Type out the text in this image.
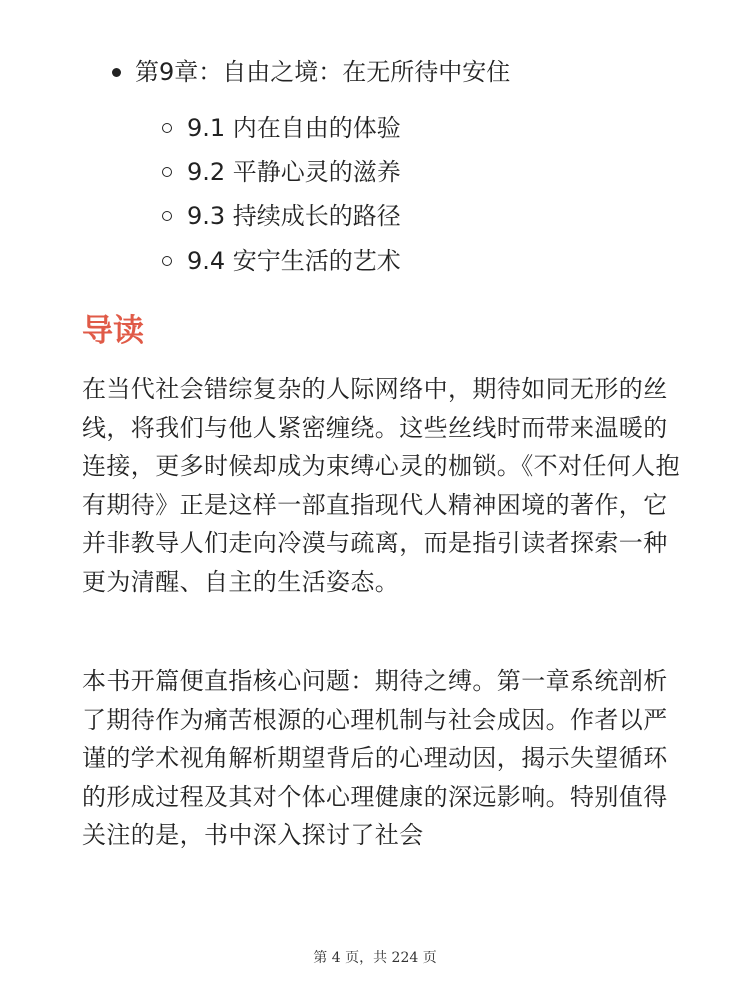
第9章：自由之境：在无所待中安住
9.1 内在自由的体验
9.2 平静心灵的滋养
9.3 持续成长的路径
9.4 安宁生活的艺术
导读

在当代社会错综复杂的人际网络中，期待如同无形的丝线，将我们与他人紧密缠绕。这些丝线时而带来温暖的连接，更多时候却成为束缚心灵的枷锁。《不对任何人抱有期待》正是这样一部直指现代人精神困境的著作，它并非教导人们走向冷漠与疏离，而是指引读者探索一种更为清醒、自主的生活姿态。

本书开篇便直指核心问题：期待之缚。第一章系统剖析了期待作为痛苦根源的心理机制与社会成因。作者以严谨的学术视角解析期望背后的心理动因，揭示失望循环的形成过程及其对个体心理健康的深远影响。特别值得关注的是，书中深入探讨了社会

第 4 页，共 224 页
